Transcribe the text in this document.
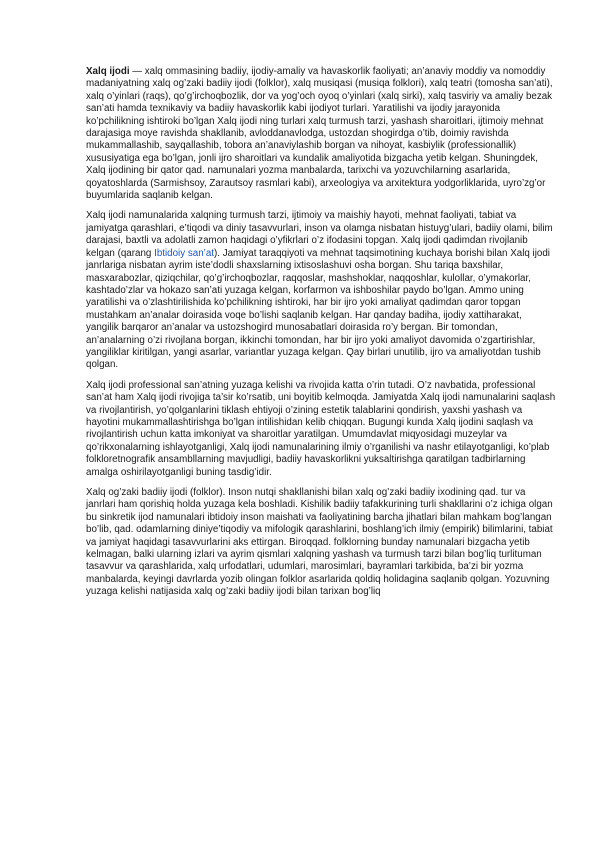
Xalq ijodi — xalq ommasining badiiy, ijodiy-amaliy va havaskorlik faoliyati; an’anaviy moddiy va nomoddiy madaniyatning xalq og’zaki badiiy ijodi (folklor), xalq musiqasi (musiqa folklori), xalq teatri (tomosha san’ati), xalq o’yinlari (raqs), qo’g’irchoqbozlik, dor va yog’och oyoq o’yinlari (xalq sirki), xalq tasviriy va amaliy bezak san’ati hamda texnikaviy va badiiy havaskorlik kabi ijodiyot turlari. Yaratilishi va ijodiy jarayonida ko’pchilikning ishtiroki bo’lgan Xalq ijodi ning turlari xalq turmush tarzi, yashash sharoitlari, ijtimoiy mehnat darajasiga moye ravishda shakllanib, avloddanavlodga, ustozdan shogirdga o’tib, doimiy ravishda mukammallashib, sayqallashib, tobora an’anaviylashib borgan va nihoyat, kasbiylik (professionallik) xususiyatiga ega bo’lgan, jonli ijro sharoitlari va kundalik amaliyotida bizgacha yetib kelgan. Shuningdek, Xalq ijodining bir qator qad. namunalari yozma manbalarda, tarixchi va yozuvchilarning asarlarida, qoyatoshlarda (Sarmishsoy, Zarautsoy rasmlari kabi), arxeologiya va arxitektura yodgorliklarida, uyro’zg’or buyumlarida saqlanib kelgan.

Xalq ijodi namunalarida xalqning turmush tarzi, ijtimoiy va maishiy hayoti, mehnat faoliyati, tabiat va jamiyatga qarashlari, e’tiqodi va diniy tasavvurlari, inson va olamga nisbatan histuyg’ulari, badiiy olami, bilim darajasi, baxtli va adolatli zamon haqidagi o’yfikrlari o’z ifodasini topgan. Xalq ijodi qadimdan rivojlanib kelgan (qarang Ibtidoiy san’at). Jamiyat taraqqiyoti va mehnat taqsimotining kuchaya borishi bilan Xalq ijodi janrlariga nisbatan ayrim iste’dodli shaxslarning ixtisoslashuvi osha borgan. Shu tariqa baxshilar, masxarabozlar, qiziqchilar, qo’g’irchoqbozlar, raqqoslar, mashshoklar, naqqoshlar, kulollar, o’ymakorlar, kashtado’zlar va hokazo san’ati yuzaga kelgan, korfarmon va ishboshilar paydo bo’lgan. Ammo uning yaratilishi va o’zlashtirilishida ko’pchilikning ishtiroki, har bir ijro yoki amaliyat qadimdan qaror topgan mustahkam an’analar doirasida voqe bo’lishi saqlanib kelgan. Har qanday badiha, ijodiy xattiharakat, yangilik barqaror an’analar va ustozshogird munosabatlari doirasida ro’y bergan. Bir tomondan, an’analarning o’zi rivojlana borgan, ikkinchi tomondan, har bir ijro yoki amaliyot davomida o’zgartirishlar, yangiliklar kiritilgan, yangi asarlar, variantlar yuzaga kelgan. Qay birlari unutilib, ijro va amaliyotdan tushib qolgan.

Xalq ijodi professional san’atning yuzaga kelishi va rivojida katta o’rin tutadi. O’z navbatida, professional san’at ham Xalq ijodi rivojiga ta’sir ko’rsatib, uni boyitib kelmoqda. Jamiyatda Xalq ijodi namunalarini saqlash va rivojlantirish, yo’qolganlarini tiklash ehtiyoji o’zining estetik talablarini qondirish, yaxshi yashash va hayotini mukammallashtirishga bo’lgan intilishidan kelib chiqqan. Bugungi kunda Xalq ijodini saqlash va rivojlantirish uchun katta imkoniyat va sharoitlar yaratilgan. Umumdavlat miqyosidagi muzeylar va qo’rikxonalarning ishlayotganligi, Xalq ijodi namunalarining ilmiy o’rganilishi va nashr etilayotganligi, ko’plab folkloretnografik ansambllarning mavjudligi, badiiy havaskorlikni yuksaltirishga qaratilgan tadbirlarning amalga oshirilayotganligi buning tasdig’idir.

Xalq og’zaki badiiy ijodi (folklor). Inson nutqi shakllanishi bilan xalq og’zaki badiiy ixodining qad. tur va janrlari ham qorishiq holda yuzaga kela boshladi. Kishilik badiiy tafakkurining turli shakllarini o’z ichiga olgan bu sinkretik ijod namunalari ibtidoiy inson maishati va faoliyatining barcha jihatlari bilan mahkam bog’langan bo’lib, qad. odamlarning diniye’tiqodiy va mifologik qarashlarini, boshlang’ich ilmiy (empirik) bilimlarini, tabiat va jamiyat haqidagi tasavvurlarini aks ettirgan. Biroqqad. folklorning bunday namunalari bizgacha yetib kelmagan, balki ularning izlari va ayrim qismlari xalqning yashash va turmush tarzi bilan bog’liq turlituman tasavvur va qarashlarida, xalq urfodatlari, udumlari, marosimlari, bayramlari tarkibida, ba’zi bir yozma manbalarda, keyingi davrlarda yozib olingan folklor asarlarida qoldiq holidagina saqlanib qolgan. Yozuvning yuzaga kelishi natijasida xalq og’zaki badiiy ijodi bilan tarixan bog’liq
